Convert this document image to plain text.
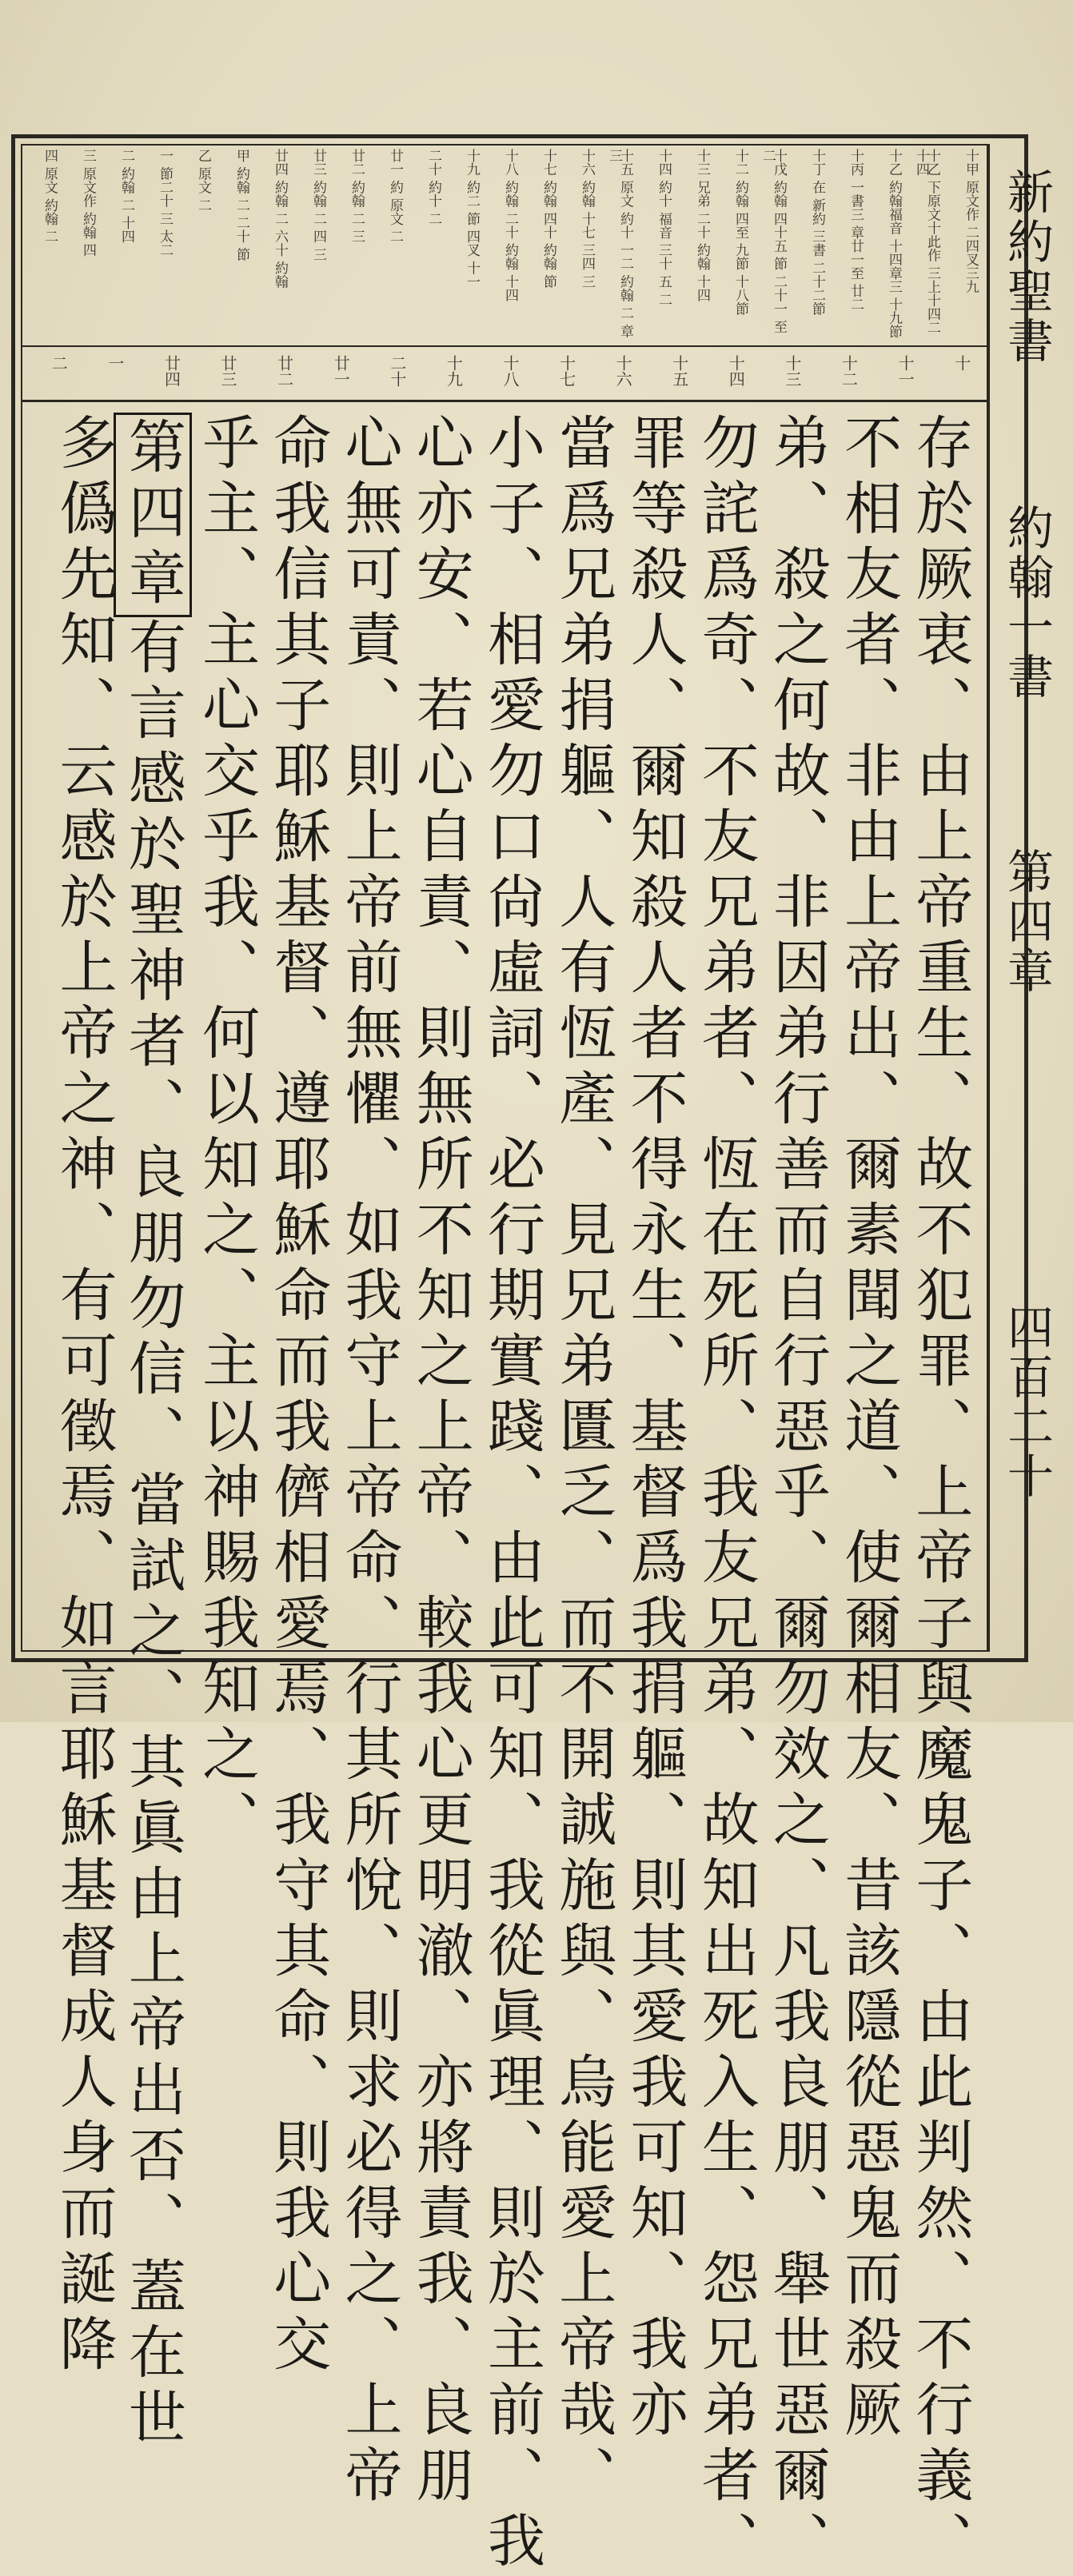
新約聖書
約翰一書
第四章
四百二十
十甲 原文作 二四叉三九
十乙 下原文十此作 三上十四二十四
十乙 約翰福音 十四章三 十九節
十丙 一書三 章廿一至 廿二
十丁 在 新約 三書 二十二節
十戊 約翰 四十五 節 二十一 至 二
十二 約翰 四至 九節 十八節
十三 兄弟 二十 約翰 十四
十四 約十 福音 三十 五 二
十五 原文 約十 一二 約翰 二 章 三
十六 約翰 十七 三四 三
十七 約翰 四十 約翰 節
十八 約翰 二十 約翰 十四
十九 約二 節 四叉 十一
二十 約十 二
廿一 約 原文 二
廿二 約翰 二 三
廿三 約翰 二 四 三
廿四 約翰 二 六十 約翰
甲 約翰 二 二十 節
乙 原文 二
一 節二十 三 太二
二 約翰 二 十四
三 原文作 約翰 四
四 原文 約翰 二
十
十一
十二
十三
十四
十五
十六
十七
十八
十九
二十
廿一
廿二
廿三
廿四
一
二
存於厥衷、由上帝重生、故不犯罪、上帝子與魔鬼子、由此判然、不行義、
不相友者、非由上帝出、爾素聞之道、使爾相友、昔該隱從惡鬼而殺厥
弟、殺之何故、非因弟行善而自行惡乎、爾勿效之、凡我良朋、舉世惡爾、
勿詫爲奇、不友兄弟者、恆在死所、我友兄弟、故知出死入生、怨兄弟者、
罪等殺人、爾知殺人者不得永生、基督爲我捐軀、則其愛我可知、我亦
當爲兄弟捐軀、人有恆產、見兄弟匱乏、而不開誠施與、烏能愛上帝哉、
小子、相愛勿口尙虛詞、必行期實踐、由此可知、我從眞理、則於主前、我
心亦安、若心自責、則無所不知之上帝、較我心更明澈、亦將責我、良朋
心無可責、則上帝前無懼、如我守上帝命、行其所悅、則求必得之、上帝
命我信其子耶穌基督、遵耶穌命而我儕相愛焉、我守其命、則我心交
乎主、主心交乎我、何以知之、主以神賜我知之、
第四章有言感於聖神者、良朋勿信、當試之、其眞由上帝出否、蓋在世
多僞先知、云感於上帝之神、有可徵焉、如言耶穌基督成人身而誕降
